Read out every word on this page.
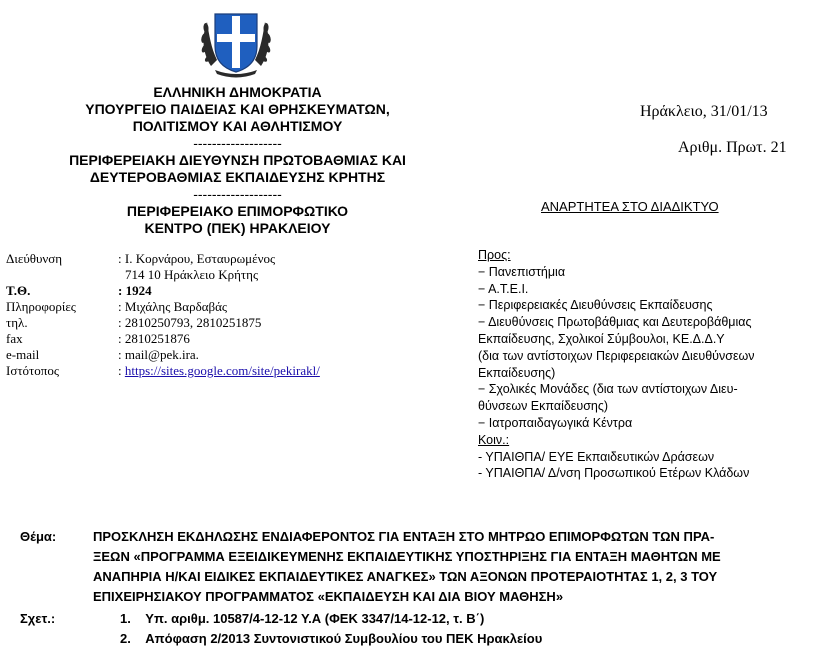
ΕΛΛΗΝΙΚΗ ΔΗΜΟΚΡΑΤΙΑ
ΥΠΟΥΡΓΕΙΟ ΠΑΙΔΕΙΑΣ ΚΑΙ ΘΡΗΣΚΕΥΜΑΤΩΝ,
ΠΟΛΙΤΙΣΜΟΥ ΚΑΙ ΑΘΛΗΤΙΣΜΟΥ
-------------------
ΠΕΡΙΦΕΡΕΙΑΚΗ ΔΙΕΥΘΥΝΣΗ ΠΡΩΤΟΒΑΘΜΙΑΣ ΚΑΙ
ΔΕΥΤΕΡΟΒΑΘΜΙΑΣ ΕΚΠΑΙΔΕΥΣΗΣ ΚΡΗΤΗΣ
-------------------
ΠΕΡΙΦΕΡΕΙΑΚΟ ΕΠΙΜΟΡΦΩΤΙΚΟ
ΚΕΝΤΡΟ (ΠΕΚ) ΗΡΑΚΛΕΙΟΥ
Ηράκλειο, 31/01/13
Αριθμ. Πρωτ. 21
ΑΝΑΡΤΗΤΕΑ ΣΤΟ ΔΙΑΔΙΚΤΥΟ
Διεύθυνση	: Ι. Κορνάρου, Εσταυρωμένος
714 10 Ηράκλειο Κρήτης
Τ.Θ.	: 1924
Πληροφορίες	: Μιχάλης Βαρδαβάς
τηλ.	: 2810250793, 2810251875
fax	: 2810251876
e-mail	: mail@pek.ira.
Ιστότοπος	: https://sites.google.com/site/pekirakl/
Προς:
− Πανεπιστήμια
− Α.Τ.Ε.Ι.
− Περιφερειακές Διευθύνσεις Εκπαίδευσης
− Διευθύνσεις Πρωτοβάθμιας και Δευτεροβάθμιας
Εκπαίδευσης, Σχολικοί Σύμβουλοι, ΚΕ.Δ.Δ.Υ
(δια των αντίστοιχων Περιφερειακών Διευθύνσεων
Εκπαίδευσης)
− Σχολικές Μονάδες (δια των αντίστοιχων Διευ-
θύνσεων Εκπαίδευσης)
− Ιατροπαιδαγωγικά Κέντρα
Κοιν.:
- ΥΠΑΙΘΠΑ/ ΕΥΕ Εκπαιδευτικών Δράσεων
- ΥΠΑΙΘΠΑ/ Δ/νση Προσωπικού Ετέρων Κλάδων
Θέμα:	ΠΡΟΣΚΛΗΣΗ ΕΚΔΗΛΩΣΗΣ ΕΝΔΙΑΦΕΡΟΝΤΟΣ ΓΙΑ ΕΝΤΑΞΗ ΣΤΟ ΜΗΤΡΩΟ ΕΠΙΜΟΡΦΩΤΩΝ ΤΩΝ ΠΡΑ-
ΞΕΩΝ «ΠΡΟΓΡΑΜΜΑ ΕΞΕΙΔΙΚΕΥΜΕΝΗΣ ΕΚΠΑΙΔΕΥΤΙΚΗΣ ΥΠΟΣΤΗΡΙΞΗΣ ΓΙΑ ΕΝΤΑΞΗ ΜΑΘΗΤΩΝ ΜΕ
ΑΝΑΠΗΡΙΑ Η/ΚΑΙ ΕΙΔΙΚΕΣ ΕΚΠΑΙΔΕΥΤΙΚΕΣ ΑΝΑΓΚΕΣ» ΤΩΝ ΑΞΟΝΩΝ ΠΡΟΤΕΡΑΙΟΤΗΤΑΣ 1, 2, 3 ΤΟΥ
ΕΠΙΧΕΙΡΗΣΙΑΚΟΥ ΠΡΟΓΡΑΜΜΑΤΟΣ «ΕΚΠΑΙΔΕΥΣΗ ΚΑΙ ΔΙΑ ΒΙΟΥ ΜΑΘΗΣΗ»
Σχετ.:	1. Υπ. αριθμ. 10587/4-12-12 Υ.Α (ΦΕΚ 3347/14-12-12, τ. Β΄)
2. Απόφαση 2/2013 Συντονιστικού Συμβουλίου του ΠΕΚ Ηρακλείου
